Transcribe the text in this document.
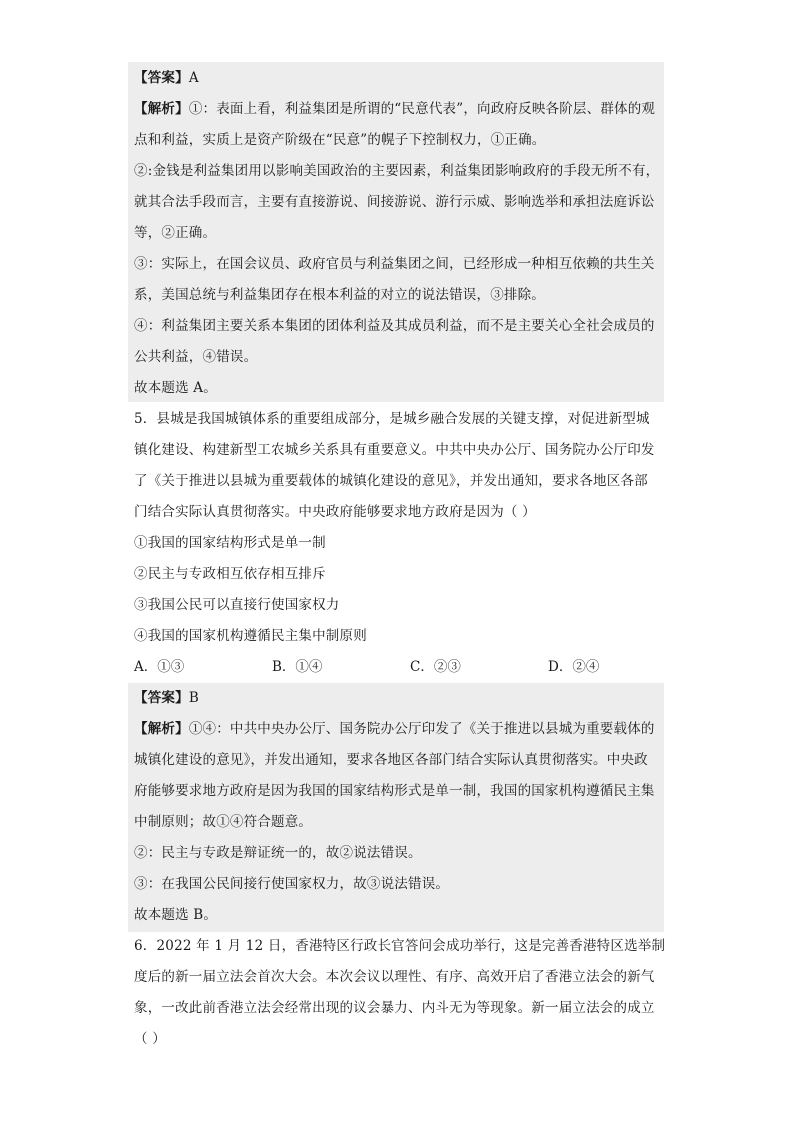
【答案】A
【解析】①：表面上看，利益集团是所谓的“民意代表”，向政府反映各阶层、群体的观
点和利益，实质上是资产阶级在“民意”的幌子下控制权力，①正确。
②:金钱是利益集团用以影响美国政治的主要因素，利益集团影响政府的手段无所不有，
就其合法手段而言，主要有直接游说、间接游说、游行示威、影响选举和承担法庭诉讼
等，②正确。
③：实际上，在国会议员、政府官员与利益集团之间，已经形成一种相互依赖的共生关
系，美国总统与利益集团存在根本利益的对立的说法错误，③排除。
④：利益集团主要关系本集团的团体利益及其成员利益，而不是主要关心全社会成员的
公共利益，④错误。
故本题选 A。
5．县城是我国城镇体系的重要组成部分，是城乡融合发展的关键支撑，对促进新型城
镇化建设、构建新型工农城乡关系具有重要意义。中共中央办公厅、国务院办公厅印发
了《关于推进以县城为重要载体的城镇化建设的意见》，并发出通知，要求各地区各部
门结合实际认真贯彻落实。中央政府能够要求地方政府是因为（ ）
①我国的国家结构形式是单一制
②民主与专政相互依存相互排斥
③我国公民可以直接行使国家权力
④我国的国家机构遵循民主集中制原则
A．①③	B．①④	C．②③	D．②④
【答案】B
【解析】①④：中共中央办公厅、国务院办公厅印发了《关于推进以县城为重要载体的
城镇化建设的意见》，并发出通知，要求各地区各部门结合实际认真贯彻落实。中央政
府能够要求地方政府是因为我国的国家结构形式是单一制，我国的国家机构遵循民主集
中制原则；故①④符合题意。
②：民主与专政是辩证统一的，故②说法错误。
③：在我国公民间接行使国家权力，故③说法错误。
故本题选 B。
6．2022 年 1 月 12 日，香港特区行政长官答问会成功举行，这是完善香港特区选举制
度后的新一届立法会首次大会。本次会议以理性、有序、高效开启了香港立法会的新气
象，一改此前香港立法会经常出现的议会暴力、内斗无为等现象。新一届立法会的成立
（ ）
